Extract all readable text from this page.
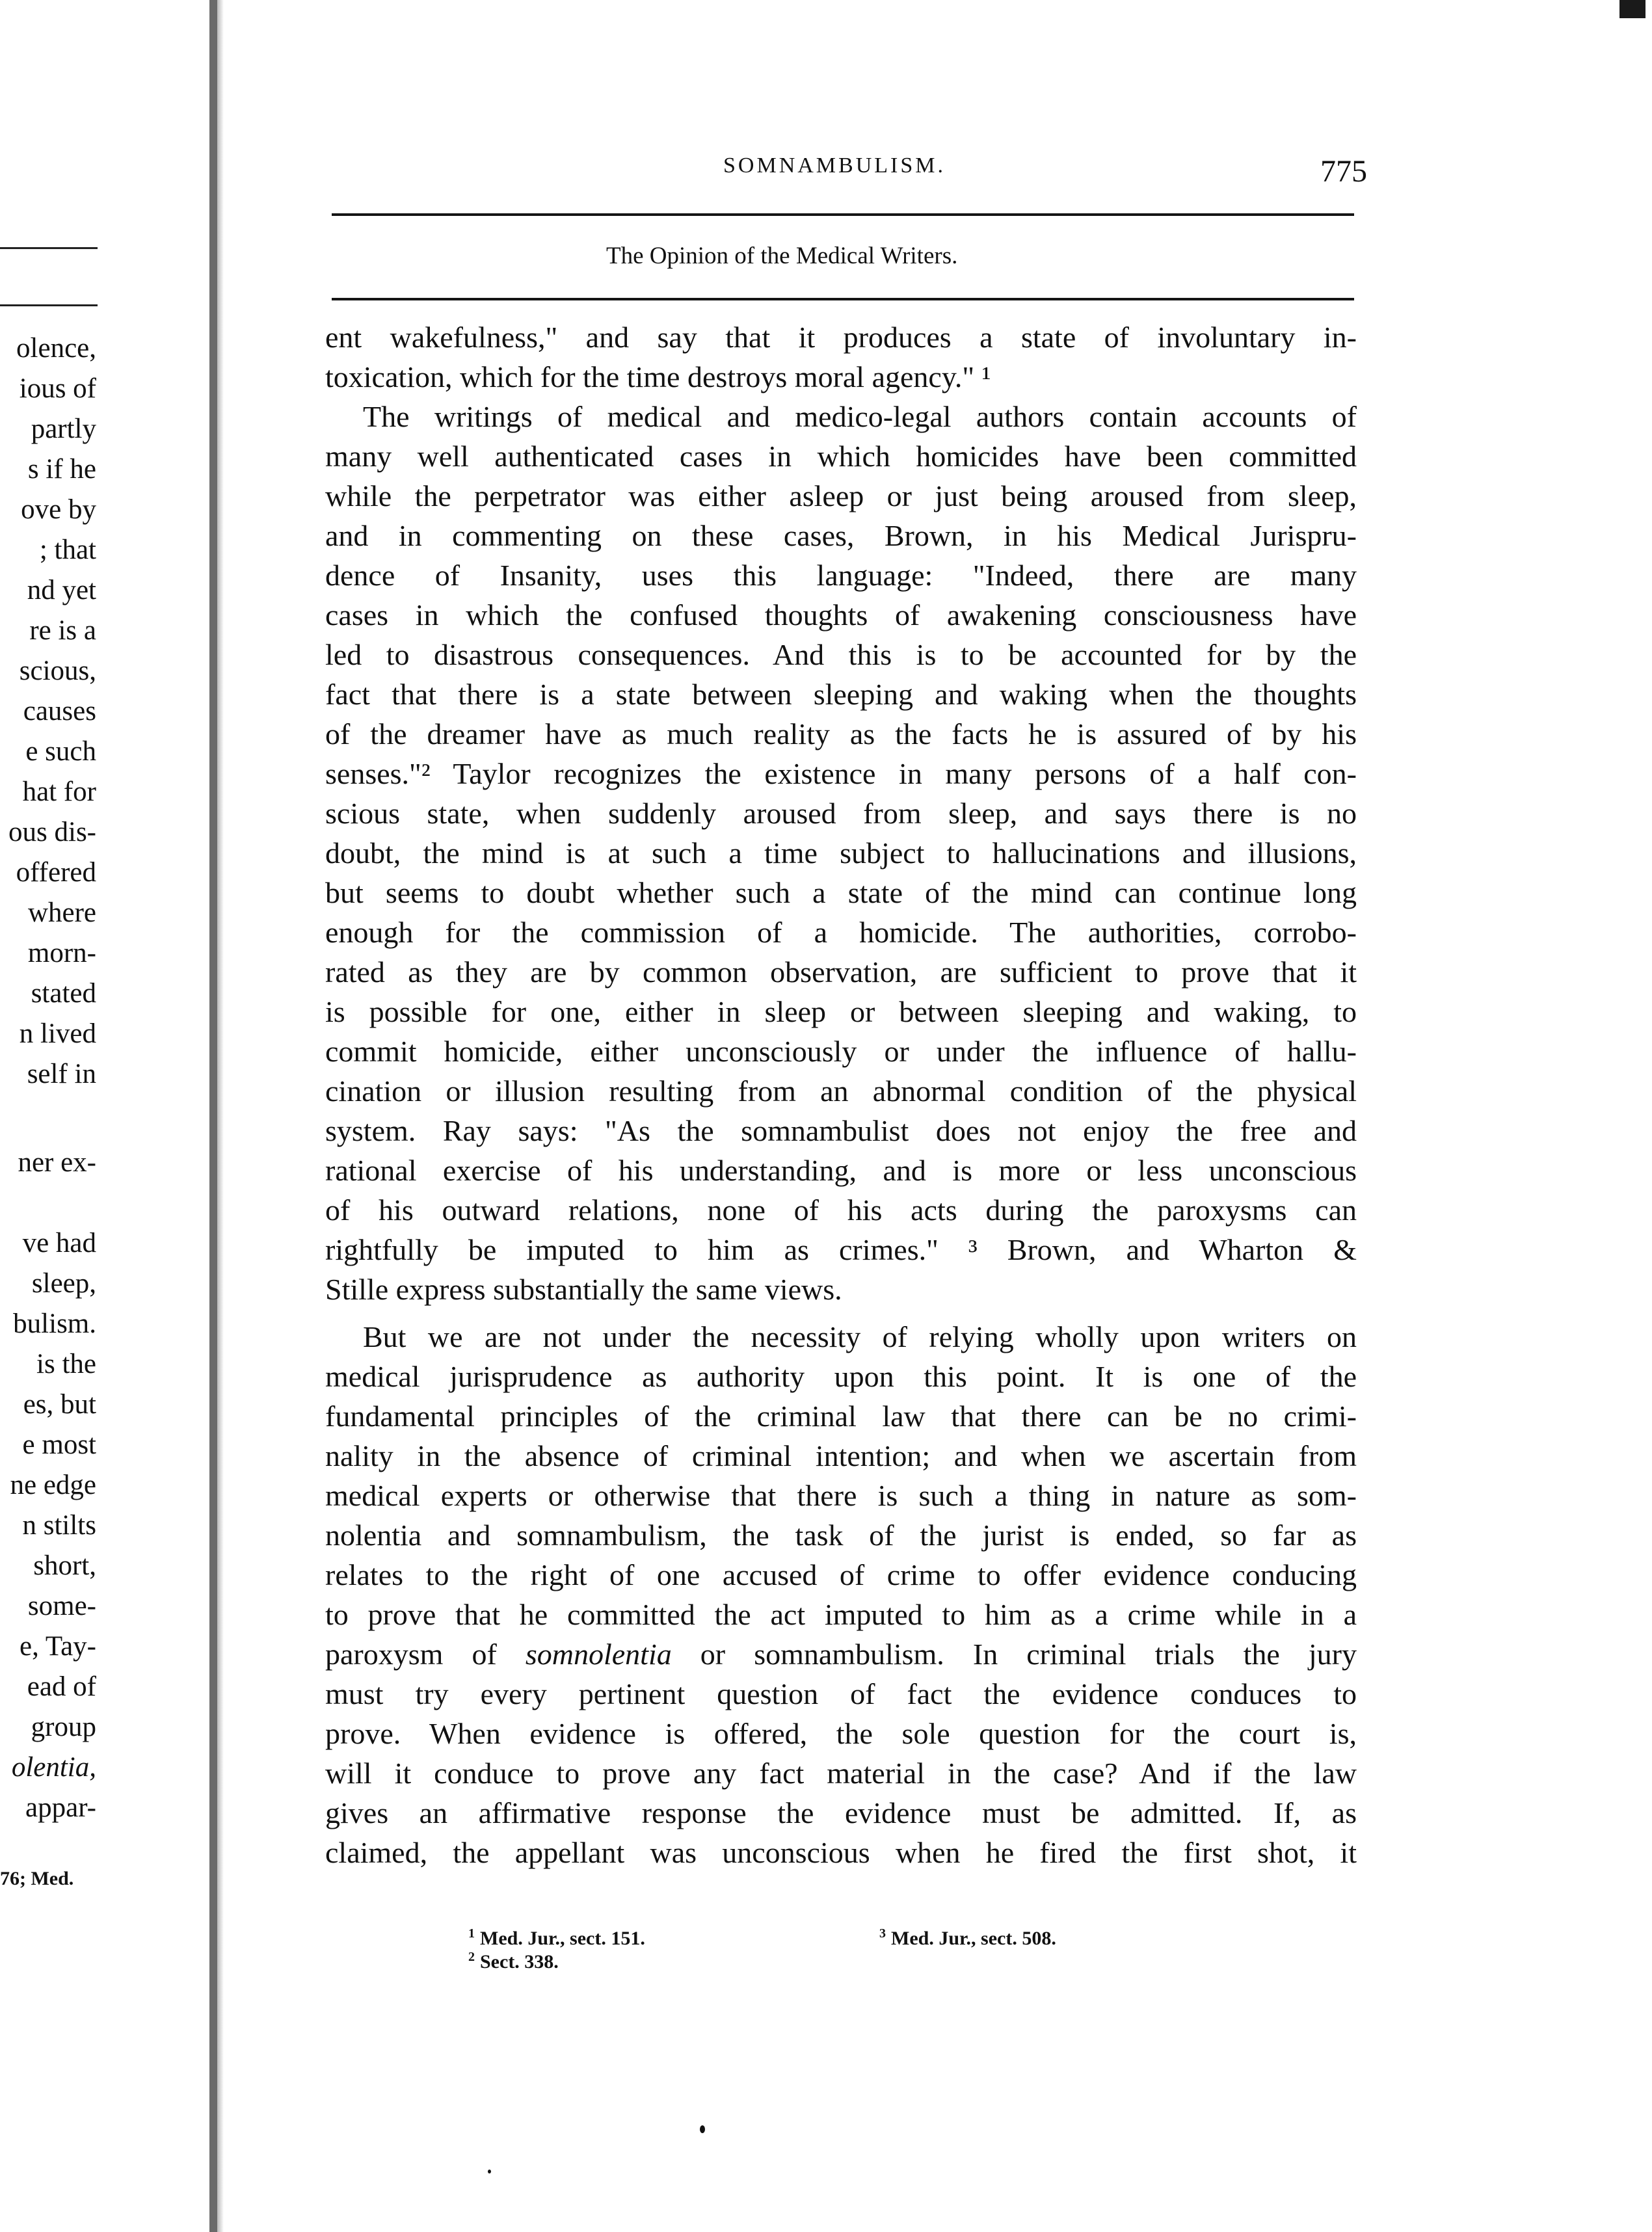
olence,
ious of
partly
s if he
ove by
; that
nd yet
re is a
scious,
causes
e such
hat for
ous dis-
offered
where
morn-
stated
n lived
self in
ner ex-
ve had
sleep,
bulism.
is the
es, but
e most
ne edge
n stilts
short,
some-
e, Tay-
ead of
group
olentia,
appar-
76; Med.
SOMNAMBULISM.	775
The Opinion of the Medical Writers.
ent wakefulness," and say that it produces a state of involuntary in-
toxication, which for the time destroys moral agency." ¹
The writings of medical and medico-legal authors contain accounts of
many well authenticated cases in which homicides have been committed
while the perpetrator was either asleep or just being aroused from sleep,
and in commenting on these cases, Brown, in his Medical Jurispru-
dence of Insanity, uses this language: "Indeed, there are many
cases in which the confused thoughts of awakening consciousness have
led to disastrous consequences. And this is to be accounted for by the
fact that there is a state between sleeping and waking when the thoughts
of the dreamer have as much reality as the facts he is assured of by his
senses."² Taylor recognizes the existence in many persons of a half con-
scious state, when suddenly aroused from sleep, and says there is no
doubt, the mind is at such a time subject to hallucinations and illusions,
but seems to doubt whether such a state of the mind can continue long
enough for the commission of a homicide. The authorities, corrobo-
rated as they are by common observation, are sufficient to prove that it
is possible for one, either in sleep or between sleeping and waking, to
commit homicide, either unconsciously or under the influence of hallu-
cination or illusion resulting from an abnormal condition of the physical
system. Ray says: "As the somnambulist does not enjoy the free and
rational exercise of his understanding, and is more or less unconscious
of his outward relations, none of his acts during the paroxysms can
rightfully be imputed to him as crimes." ³ Brown, and Wharton &
Stille express substantially the same views.
But we are not under the necessity of relying wholly upon writers on
medical jurisprudence as authority upon this point. It is one of the
fundamental principles of the criminal law that there can be no crimi-
nality in the absence of criminal intention; and when we ascertain from
medical experts or otherwise that there is such a thing in nature as som-
nolentia and somnambulism, the task of the jurist is ended, so far as
relates to the right of one accused of crime to offer evidence conducing
to prove that he committed the act imputed to him as a crime while in a
paroxysm of somnolentia or somnambulism. In criminal trials the jury
must try every pertinent question of fact the evidence conduces to
prove. When evidence is offered, the sole question for the court is,
will it conduce to prove any fact material in the case? And if the law
gives an affirmative response the evidence must be admitted. If, as
claimed, the appellant was unconscious when he fired the first shot, it
$^1$ Med. Jur., sect. 151.
$^2$ Sect. 338.
$^3$ Med. Jur., sect. 508.
